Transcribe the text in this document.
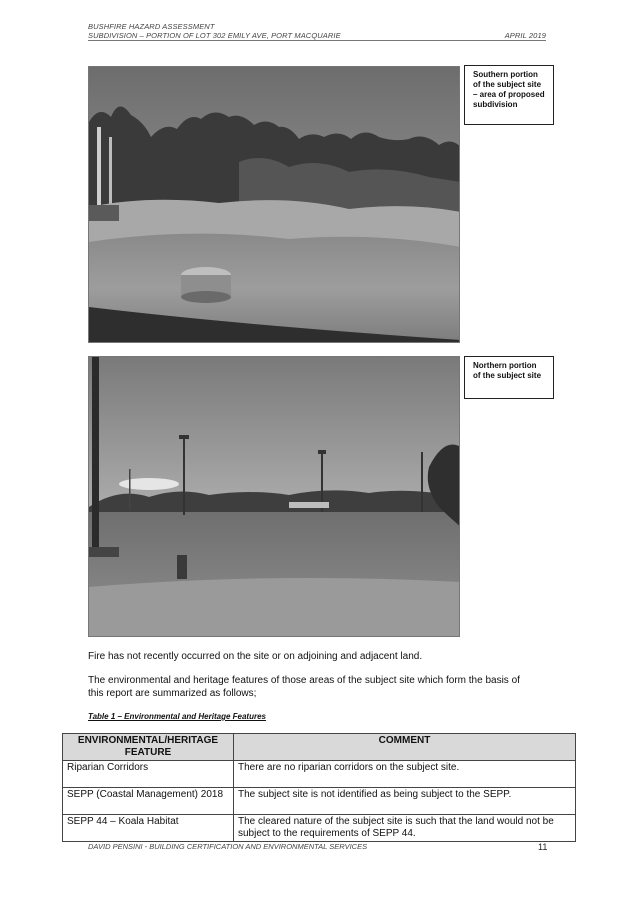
BUSHFIRE HAZARD ASSESSMENT
SUBDIVISION – PORTION OF LOT 302 EMILY AVE, PORT MACQUARIE	APRIL 2019
Southern portion of the subject site – area of proposed subdivision
Northern portion of the subject site
Fire has not recently occurred on the site or on adjoining and adjacent land.
The environmental and heritage features of those areas of the subject site which form the basis of this report are summarized as follows;
Table 1 – Environmental and Heritage Features
ENVIRONMENTAL/HERITAGE FEATURE	COMMENT
Riparian Corridors	There are no riparian corridors on the subject site.
SEPP (Coastal Management) 2018	The subject site is not identified as being subject to the SEPP.
SEPP 44 – Koala Habitat	The cleared nature of the subject site is such that the land would not be subject to the requirements of SEPP 44.
DAVID PENSINI - BUILDING CERTIFICATION AND ENVIRONMENTAL SERVICES	11
